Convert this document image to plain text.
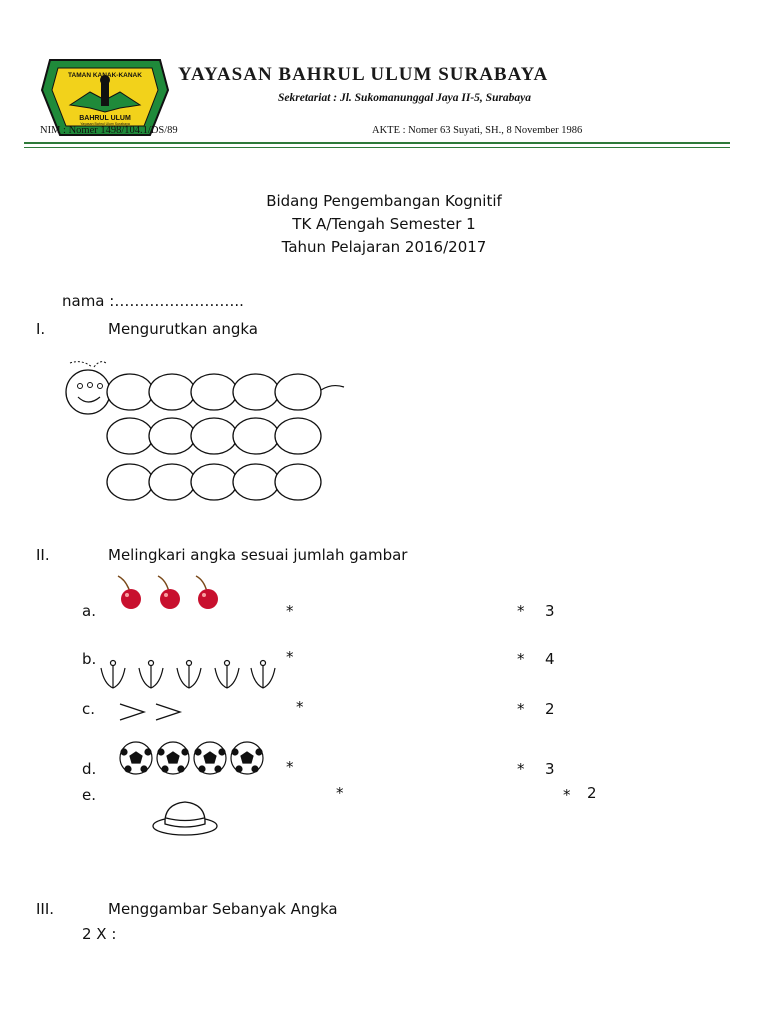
TAMAN KANAK-KANAK
BAHRUL ULUM
Yayasan Bahrul Ulum Surabaya
YAYASAN BAHRUL ULUM SURABAYA
Sekretariat : Jl. Sukomanunggal Jaya II-5, Surabaya
NIM : Nomer 1498/104.1/DS/89	AKTE : Nomer 63 Suyati, SH., 8 November 1986
Bidang Pengembangan Kognitif
TK A/Tengah Semester 1
Tahun Pelajaran 2016/2017
nama :……………………..
I.	Mengurutkan angka
II.	Melingkari angka sesuai jumlah gambar
a.	*	* 3
b.	*	* 4
c.	*	* 2
d.	*	* 3
e.	*	* 2
III.	Menggambar Sebanyak Angka
2 X :
